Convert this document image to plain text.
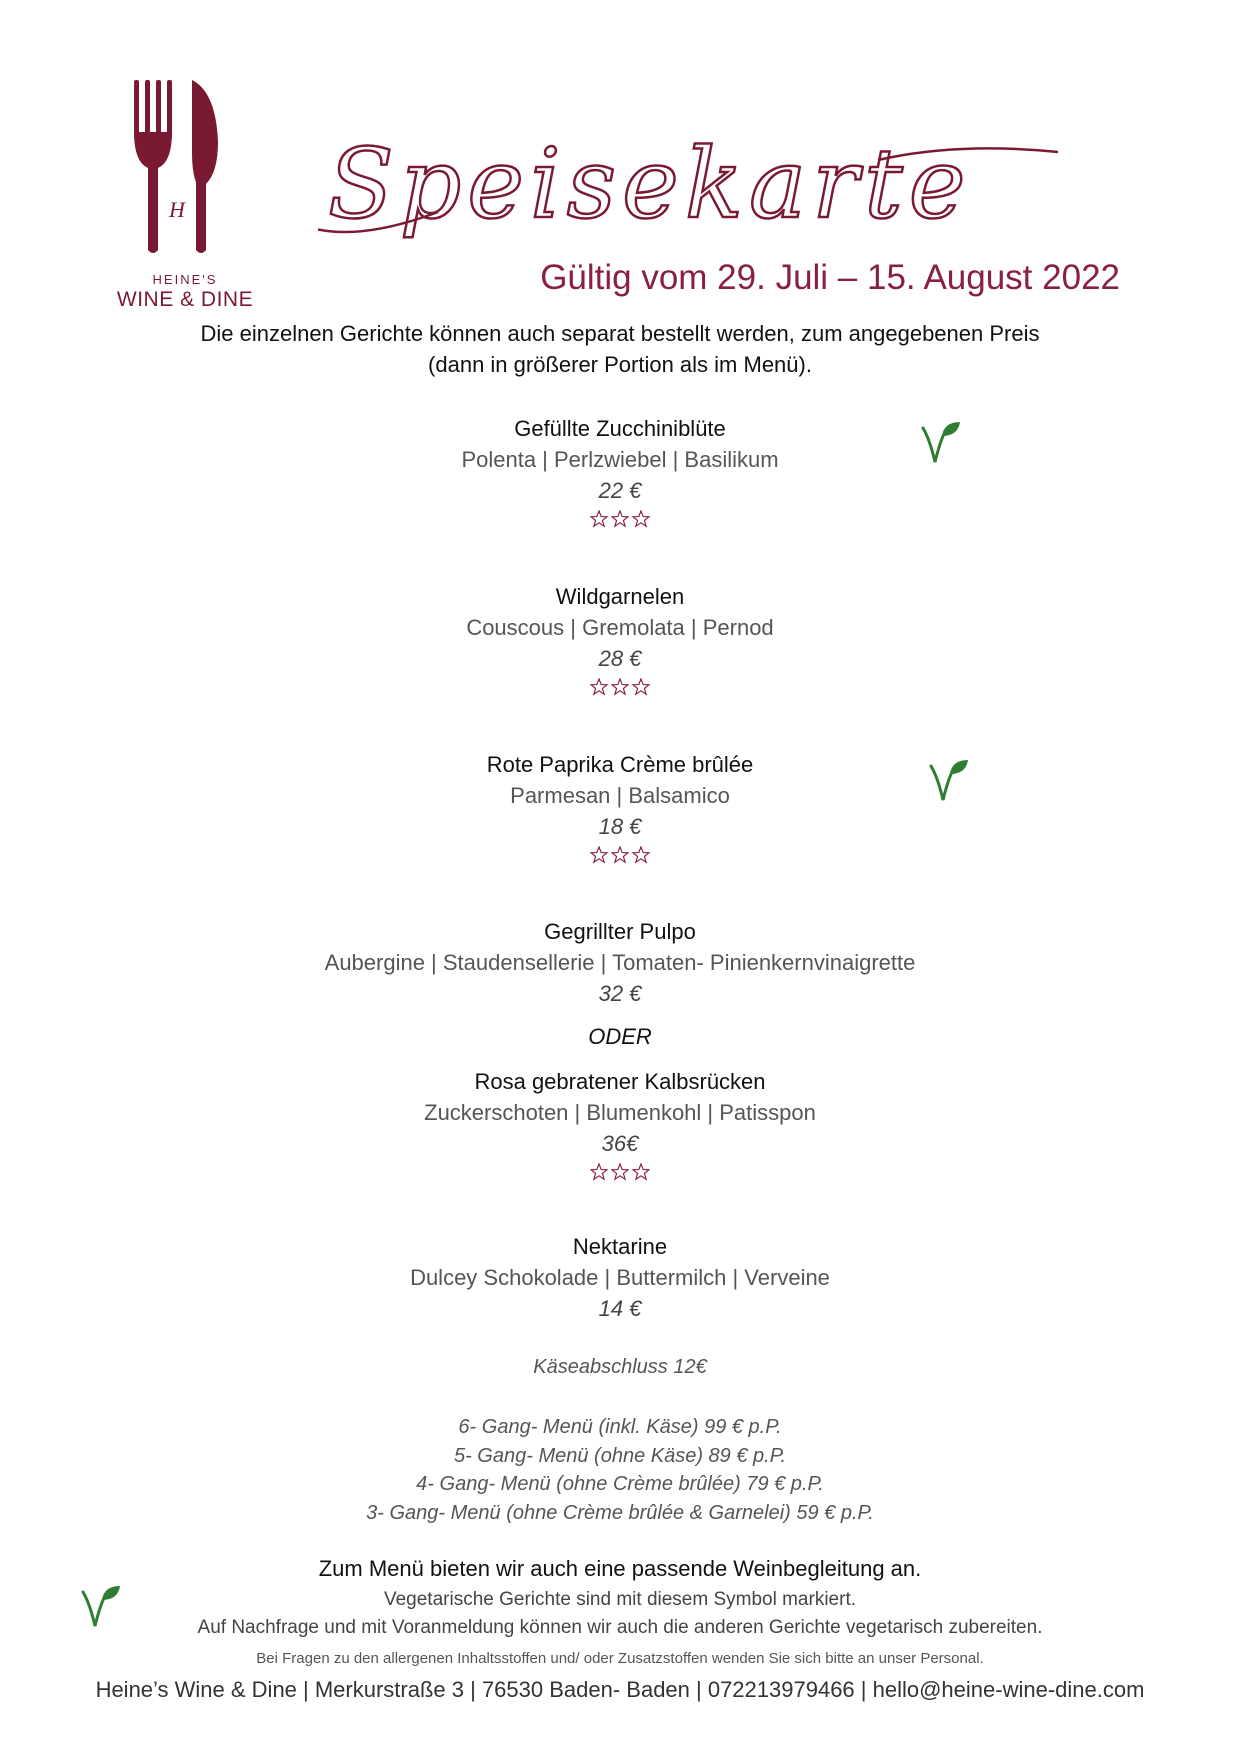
H
HEINE'S
WINE & DINE
Speisekarte
Gültig vom 29. Juli – 15. August 2022
Die einzelnen Gerichte können auch separat bestellt werden, zum angegebenen Preis
(dann in größerer Portion als im Menü).
Gefüllte Zucchiniblüte
Polenta | Perlzwiebel | Basilikum
22 €
Wildgarnelen
Couscous | Gremolata | Pernod
28 €
Rote Paprika Crème brûlée
Parmesan | Balsamico
18 €
Gegrillter Pulpo
Aubergine | Staudensellerie | Tomaten- Pinienkernvinaigrette
32 €
ODER
Rosa gebratener Kalbsrücken
Zuckerschoten | Blumenkohl | Patisspon
36€
Nektarine
Dulcey Schokolade | Buttermilch | Verveine
14 €
Käseabschluss 12€
6- Gang- Menü (inkl. Käse) 99 € p.P.
5- Gang- Menü (ohne Käse) 89 € p.P.
4- Gang- Menü (ohne Crème brûlée) 79 € p.P.
3- Gang- Menü (ohne Crème brûlée & Garnelei) 59 € p.P.
Zum Menü bieten wir auch eine passende Weinbegleitung an.
Vegetarische Gerichte sind mit diesem Symbol markiert.
Auf Nachfrage und mit Voranmeldung können wir auch die anderen Gerichte vegetarisch zubereiten.
Bei Fragen zu den allergenen Inhaltsstoffen und/ oder Zusatzstoffen wenden Sie sich bitte an unser Personal.
Heine’s Wine & Dine | Merkurstraße 3 | 76530 Baden- Baden | 072213979466 | hello@heine-wine-dine.com
